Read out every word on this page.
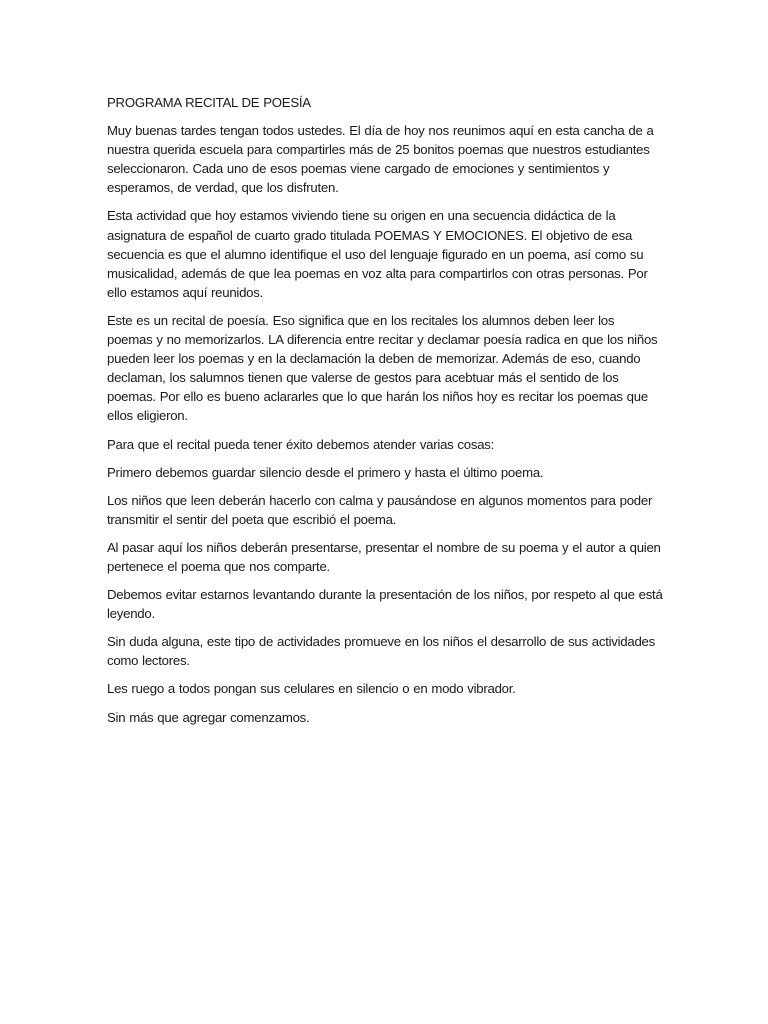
PROGRAMA RECITAL DE POESÍA

Muy buenas tardes tengan todos ustedes. El día de hoy nos reunimos aquí en esta cancha de a nuestra querida escuela para compartirles más de 25 bonitos poemas que nuestros estudiantes seleccionaron. Cada uno de esos poemas viene cargado de emociones y sentimientos y esperamos, de verdad, que los disfruten.

Esta actividad que hoy estamos viviendo tiene su origen en una secuencia didáctica de la asignatura de español de cuarto grado titulada POEMAS Y EMOCIONES. El objetivo de esa secuencia es que el alumno identifique el uso del lenguaje figurado en un poema, así como su musicalidad, además de que lea poemas en voz alta para compartirlos con otras personas. Por ello estamos aquí reunidos.

Este es un recital de poesía. Eso significa que en los recitales los alumnos deben leer los poemas y no memorizarlos. LA diferencia entre recitar y declamar poesía radica en que los niños pueden leer los poemas y en la declamación la deben de memorizar. Además de eso, cuando declaman, los salumnos tienen que valerse de gestos para acebtuar más el sentido de los poemas. Por ello es bueno aclararles que lo que harán los niños hoy es recitar los poemas que ellos eligieron.

Para que el recital pueda tener éxito debemos atender varias cosas:

Primero debemos guardar silencio desde el primero y hasta el último poema.

Los niños que leen deberán hacerlo con calma y pausándose en algunos momentos para poder transmitir el sentir del poeta que escribió el poema.

Al pasar aquí los niños deberán presentarse, presentar el nombre de su poema y el autor a quien pertenece el poema que nos comparte.

Debemos evitar estarnos levantando durante la presentación de los niños, por respeto al que está leyendo.

Sin duda alguna, este tipo de actividades promueve en los niños el desarrollo de sus actividades como lectores.

Les ruego a todos pongan sus celulares en silencio o en modo vibrador.

Sin más que agregar comenzamos.
